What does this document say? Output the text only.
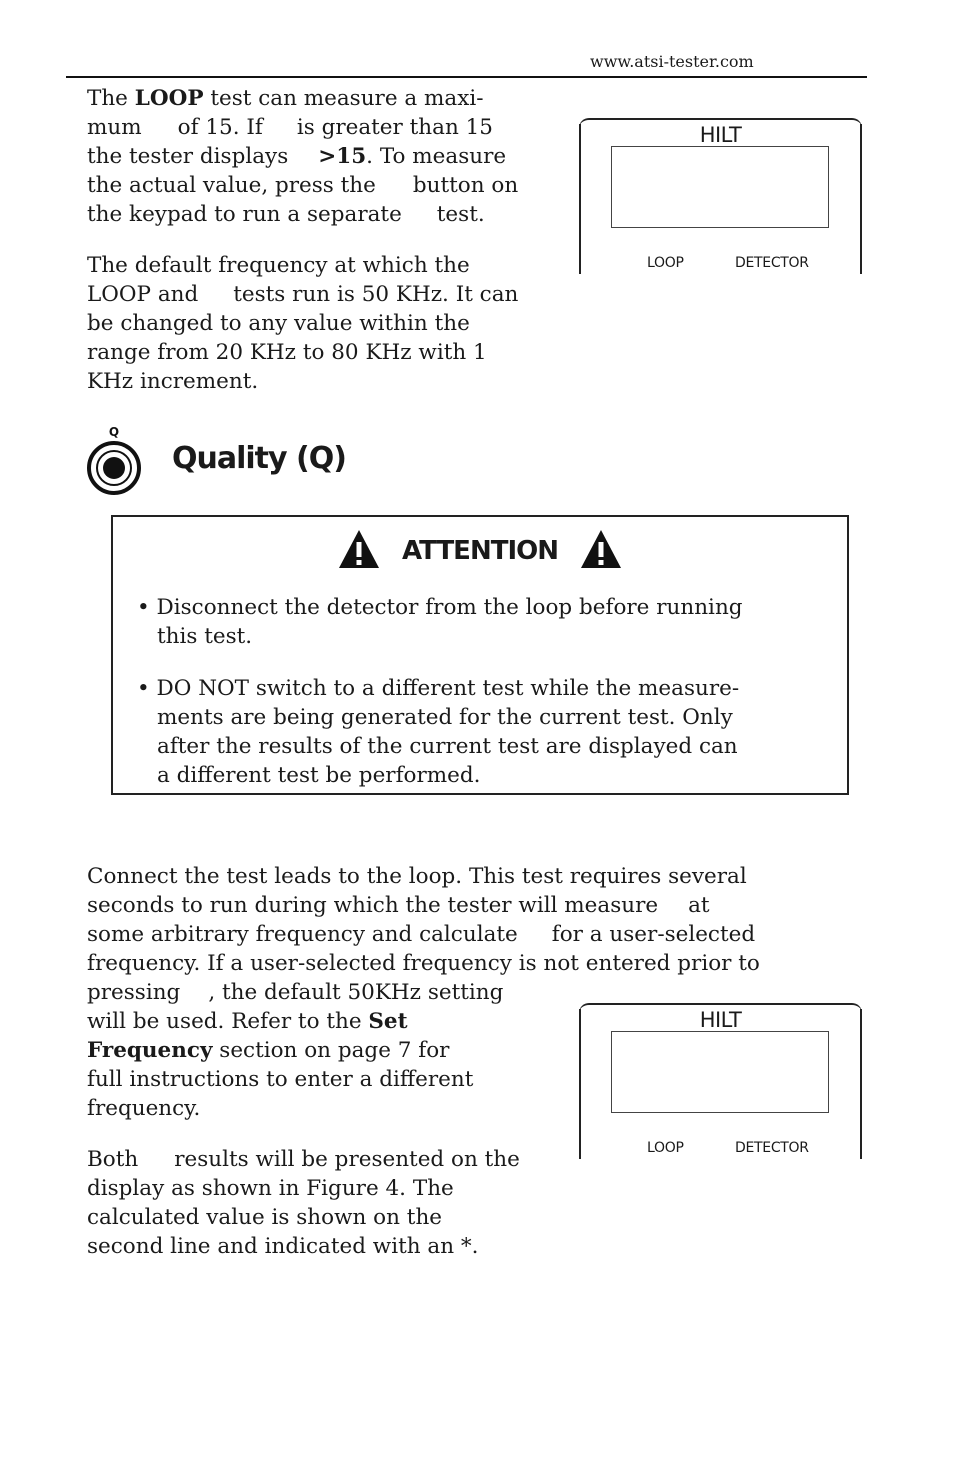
www.atsi-tester.com
The LOOP test can measure a maxi-
mum of 15. If is greater than 15
the tester displays >15. To measure
the actual value, press the button on
the keypad to run a separate test.
The default frequency at which the
LOOP and tests run is 50 KHz. It can
be changed to any value within the
range from 20 KHz to 80 KHz with 1
KHz increment.
HILT
LOOP	DETECTOR
Q
Quality (Q)
ATTENTION
• Disconnect the detector from the loop before running
this test.
• DO NOT switch to a different test while the measure-
ments are being generated for the current test. Only
after the results of the current test are displayed can
a different test be performed.
Connect the test leads to the loop. This test requires several
seconds to run during which the tester will measure at
some arbitrary frequency and calculate for a user-selected
frequency. If a user-selected frequency is not entered prior to
pressing , the default 50KHz setting
will be used. Refer to the Set
Frequency section on page 7 for
full instructions to enter a different
frequency.
HILT
LOOP	DETECTOR
Both results will be presented on the
display as shown in Figure 4. The
calculated value is shown on the
second line and indicated with an *.
